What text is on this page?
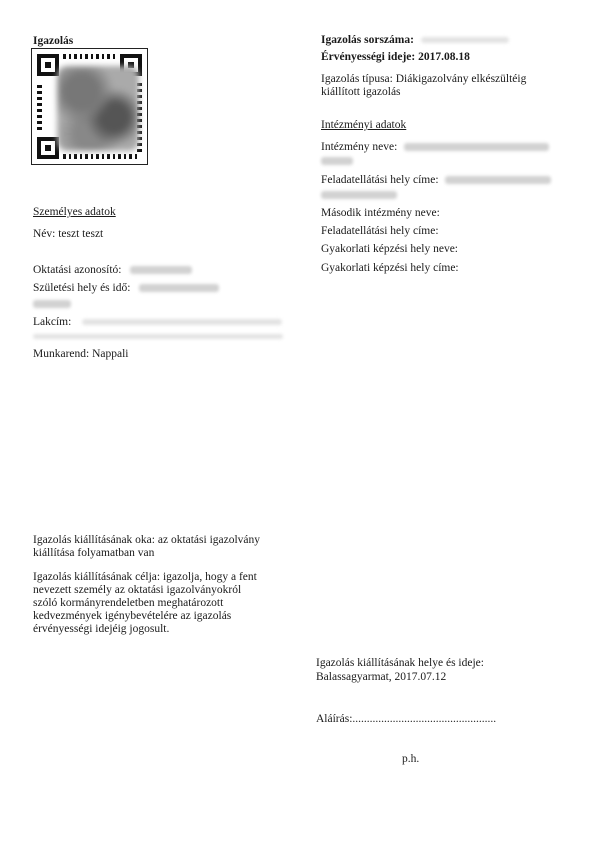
Igazolás
Személyes adatok
Név: teszt teszt
Oktatási azonosító:
Születési hely és idő:
Lakcím:
Munkarend: Nappali
Igazolás kiállításának oka: az oktatási igazolvány
kiállítása folyamatban van
Igazolás kiállításának célja: igazolja, hogy a fent
nevezett személy az oktatási igazolványokról
szóló kormányrendeletben meghatározott
kedvezmények igénybevételére az igazolás
érvényességi idejéig jogosult.
Igazolás sorszáma:
Érvényességi ideje: 2017.08.18
Igazolás típusa: Diákigazolvány elkészültéig
kiállított igazolás
Intézményi adatok
Intézmény neve:
Feladatellátási hely címe:
Második intézmény neve:
Feladatellátási hely címe:
Gyakorlati képzési hely neve:
Gyakorlati képzési hely címe:
Igazolás kiállításának helye és ideje:
Balassagyarmat, 2017.07.12
Aláírás:..................................................
p.h.
